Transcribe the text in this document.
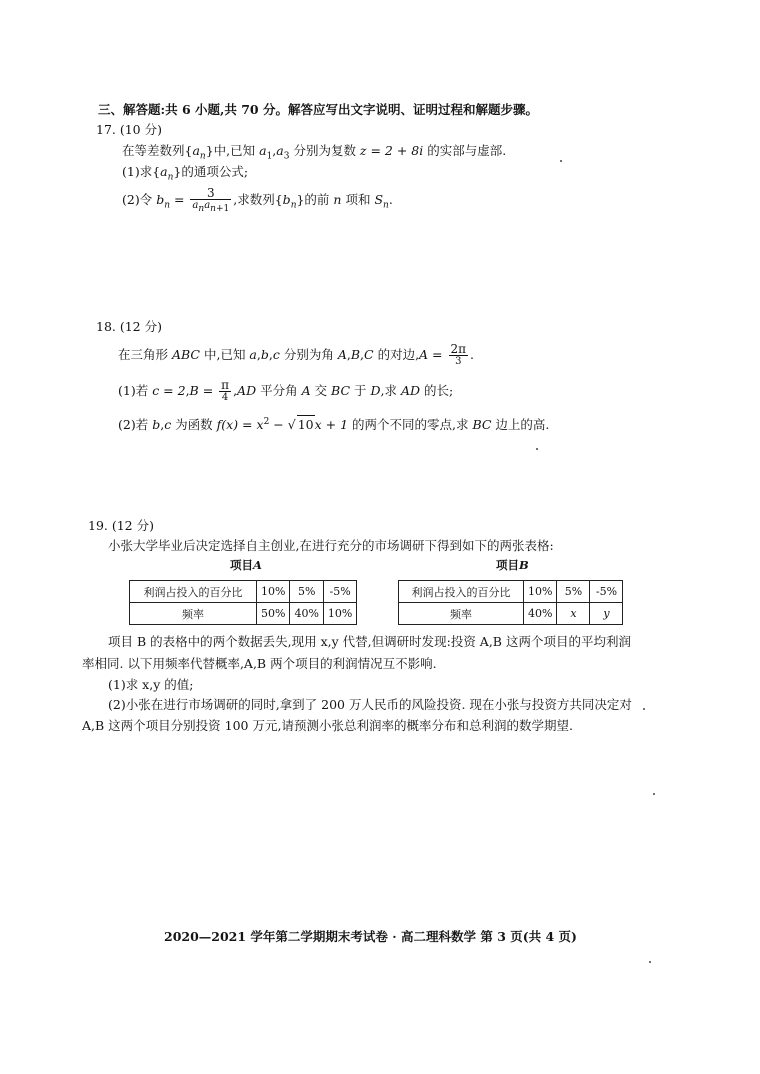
三、解答题:共 6 小题,共 70 分。解答应写出文字说明、证明过程和解题步骤。
17. (10 分)
在等差数列$\{a_n\}$中,已知 $a_1,a_3$ 分别为复数 z = 2 + 8i 的实部与虚部.
(1)求$\{a_n\}$的通项公式;
(2)令 $b_n = \frac{3}{a_na_{n+1}}$ ,求数列$\{b_n\}$的前 n 项和 $S_n$.
18. (12 分)
在三角形 ABC 中,已知 a,b,c 分别为角 A,B,C 的对边$,A = \frac{2\pi}{3}$ .
(1)若 $c = 2,B = \frac{\pi}{4} ,AD$ 平分角 A 交 BC 于 D,求 AD 的长;
(2)若 b,c 为函数 $f(x) = x^2$ − √ 10x + 1 的两个不同的零点,求 BC 边上的高.
19. (12 分)
小张大学毕业后决定选择自主创业,在进行充分的市场调研下得到如下的两张表格:
项目A
利润占投入的百分比	10%	5%	-5%
频率	50%	40%	10%
项目B
利润占投入的百分比	10%	5%	-5%
频率	40%	x	y
项目 B 的表格中的两个数据丢失,现用 x,y 代替,但调研时发现:投资 A,B 这两个项目的平均利润
率相同. 以下用频率代替概率,A,B 两个项目的利润情况互不影响.
(1)求 x,y 的值;
(2)小张在进行市场调研的同时,拿到了 200 万人民币的风险投资. 现在小张与投资方共同决定对
A,B 这两个项目分别投资 100 万元,请预测小张总利润率的概率分布和总利润的数学期望.
2020—2021 学年第二学期期末考试卷 · 高二理科数学 第 3 页(共 4 页)
